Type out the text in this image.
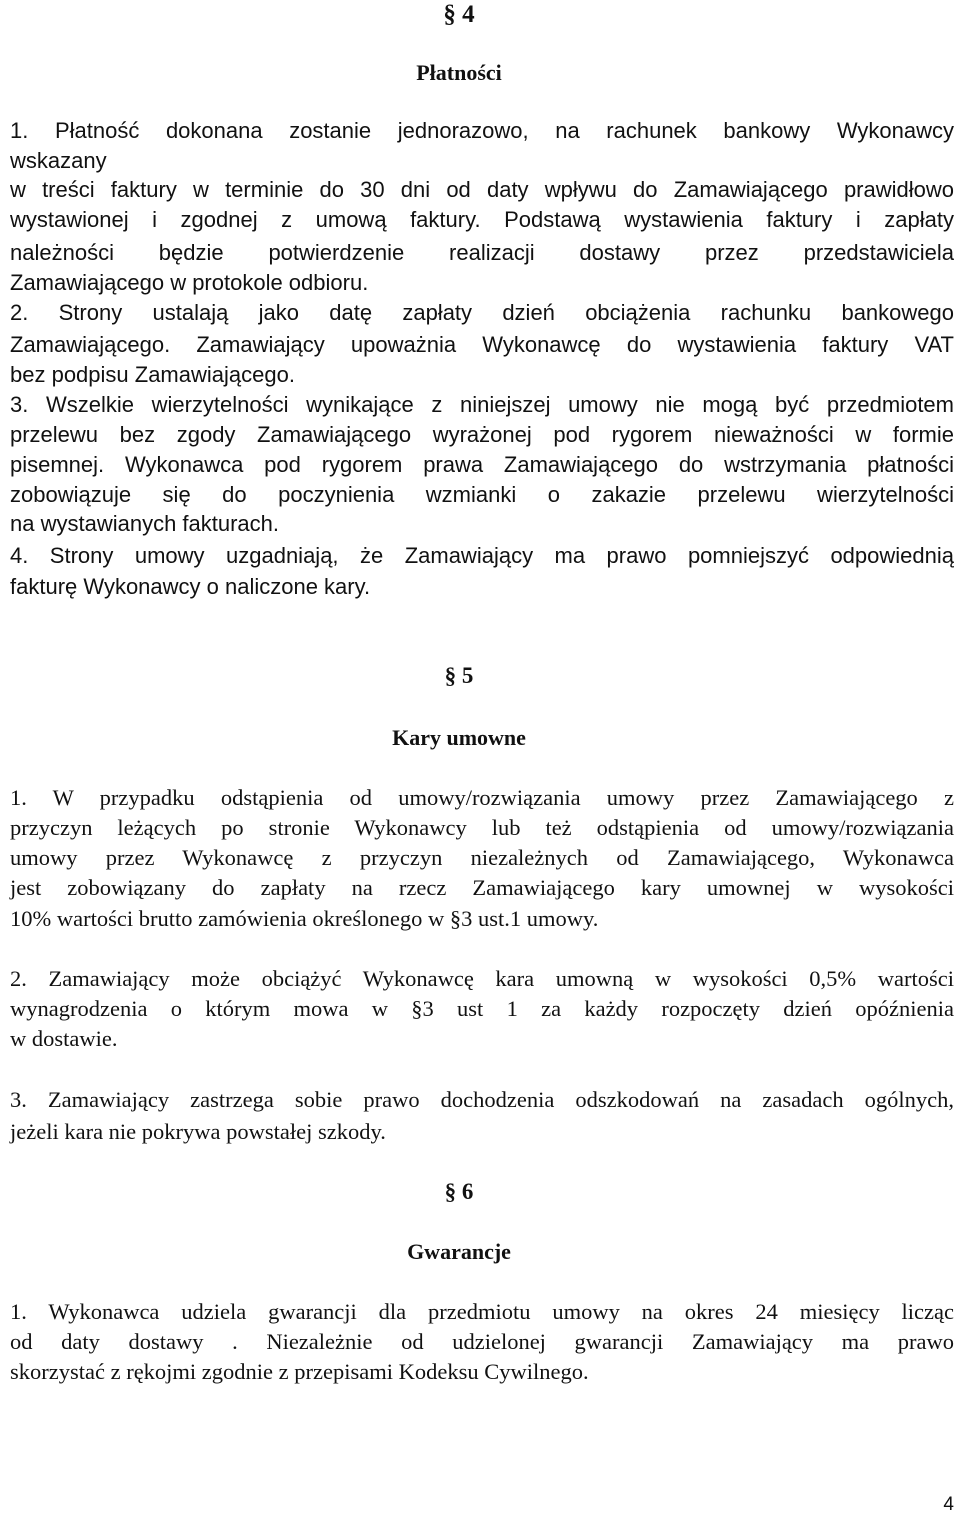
§ 4
Płatności
1. Płatność dokonana zostanie jednorazowo, na rachunek bankowy Wykonawcy
wskazany
w treści faktury w terminie do 30 dni od daty wpływu do Zamawiającego prawidłowo
wystawionej i zgodnej z umową faktury. Podstawą wystawienia faktury i zapłaty
należności będzie potwierdzenie realizacji dostawy przez przedstawiciela
Zamawiającego w protokole odbioru.
2. Strony ustalają jako datę zapłaty dzień obciążenia rachunku bankowego
Zamawiającego. Zamawiający upoważnia Wykonawcę do wystawienia faktury VAT
bez podpisu Zamawiającego.
3. Wszelkie wierzytelności wynikające z niniejszej umowy nie mogą być przedmiotem
przelewu bez zgody Zamawiającego wyrażonej pod rygorem nieważności w formie
pisemnej. Wykonawca pod rygorem prawa Zamawiającego do wstrzymania płatności
zobowiązuje się do poczynienia wzmianki o zakazie przelewu wierzytelności
na wystawianych fakturach.
4. Strony umowy uzgadniają, że Zamawiający ma prawo pomniejszyć odpowiednią
fakturę Wykonawcy o naliczone kary.
§ 5
Kary umowne
1. W przypadku odstąpienia od umowy/rozwiązania umowy przez Zamawiającego z
przyczyn leżących po stronie Wykonawcy lub też odstąpienia od umowy/rozwiązania
umowy przez Wykonawcę z przyczyn niezależnych od Zamawiającego, Wykonawca
jest zobowiązany do zapłaty na rzecz Zamawiającego kary umownej w wysokości
10% wartości brutto zamówienia określonego w §3 ust.1 umowy.
2. Zamawiający może obciążyć Wykonawcę kara umowną w wysokości 0,5% wartości
wynagrodzenia o którym mowa w §3 ust 1 za każdy rozpoczęty dzień opóźnienia
w dostawie.
3. Zamawiający zastrzega sobie prawo dochodzenia odszkodowań na zasadach ogólnych,
jeżeli kara nie pokrywa powstałej szkody.
§ 6
Gwarancje
1. Wykonawca udziela gwarancji dla przedmiotu umowy na okres 24 miesięcy licząc
od daty dostawy . Niezależnie od udzielonej gwarancji Zamawiający ma prawo
skorzystać z rękojmi zgodnie z przepisami Kodeksu Cywilnego.
4
